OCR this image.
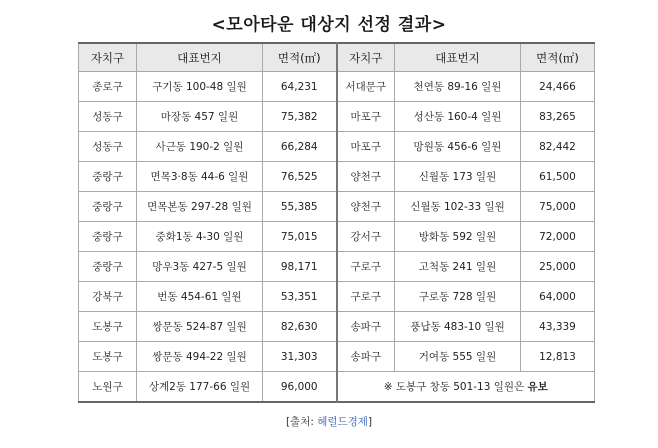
<모아타운 대상지 선정 결과>
자치구	대표번지	면적(㎡)	자치구	대표번지	면적(㎡)
종로구	구기동 100-48 일원	64,231	서대문구	천연동 89-16 일원	24,466
성동구	마장동 457 일원	75,382	마포구	성산동 160-4 일원	83,265
성동구	사근동 190-2 일원	66,284	마포구	망원동 456-6 일원	82,442
중랑구	면목3·8동 44-6 일원	76,525	양천구	신월동 173 일원	61,500
중랑구	면목본동 297-28 일원	55,385	양천구	신월동 102-33 일원	75,000
중랑구	중화1동 4-30 일원	75,015	강서구	방화동 592 일원	72,000
중랑구	망우3동 427-5 일원	98,171	구로구	고척동 241 일원	25,000
강북구	번동 454-61 일원	53,351	구로구	구로동 728 일원	64,000
도봉구	쌍문동 524-87 일원	82,630	송파구	풍납동 483-10 일원	43,339
도봉구	쌍문동 494-22 일원	31,303	송파구	거여동 555 일원	12,813
노원구	상계2동 177-66 일원	96,000	※ 도봉구 창동 501-13 일원은 유보		
[출처: 헤럴드경제]
